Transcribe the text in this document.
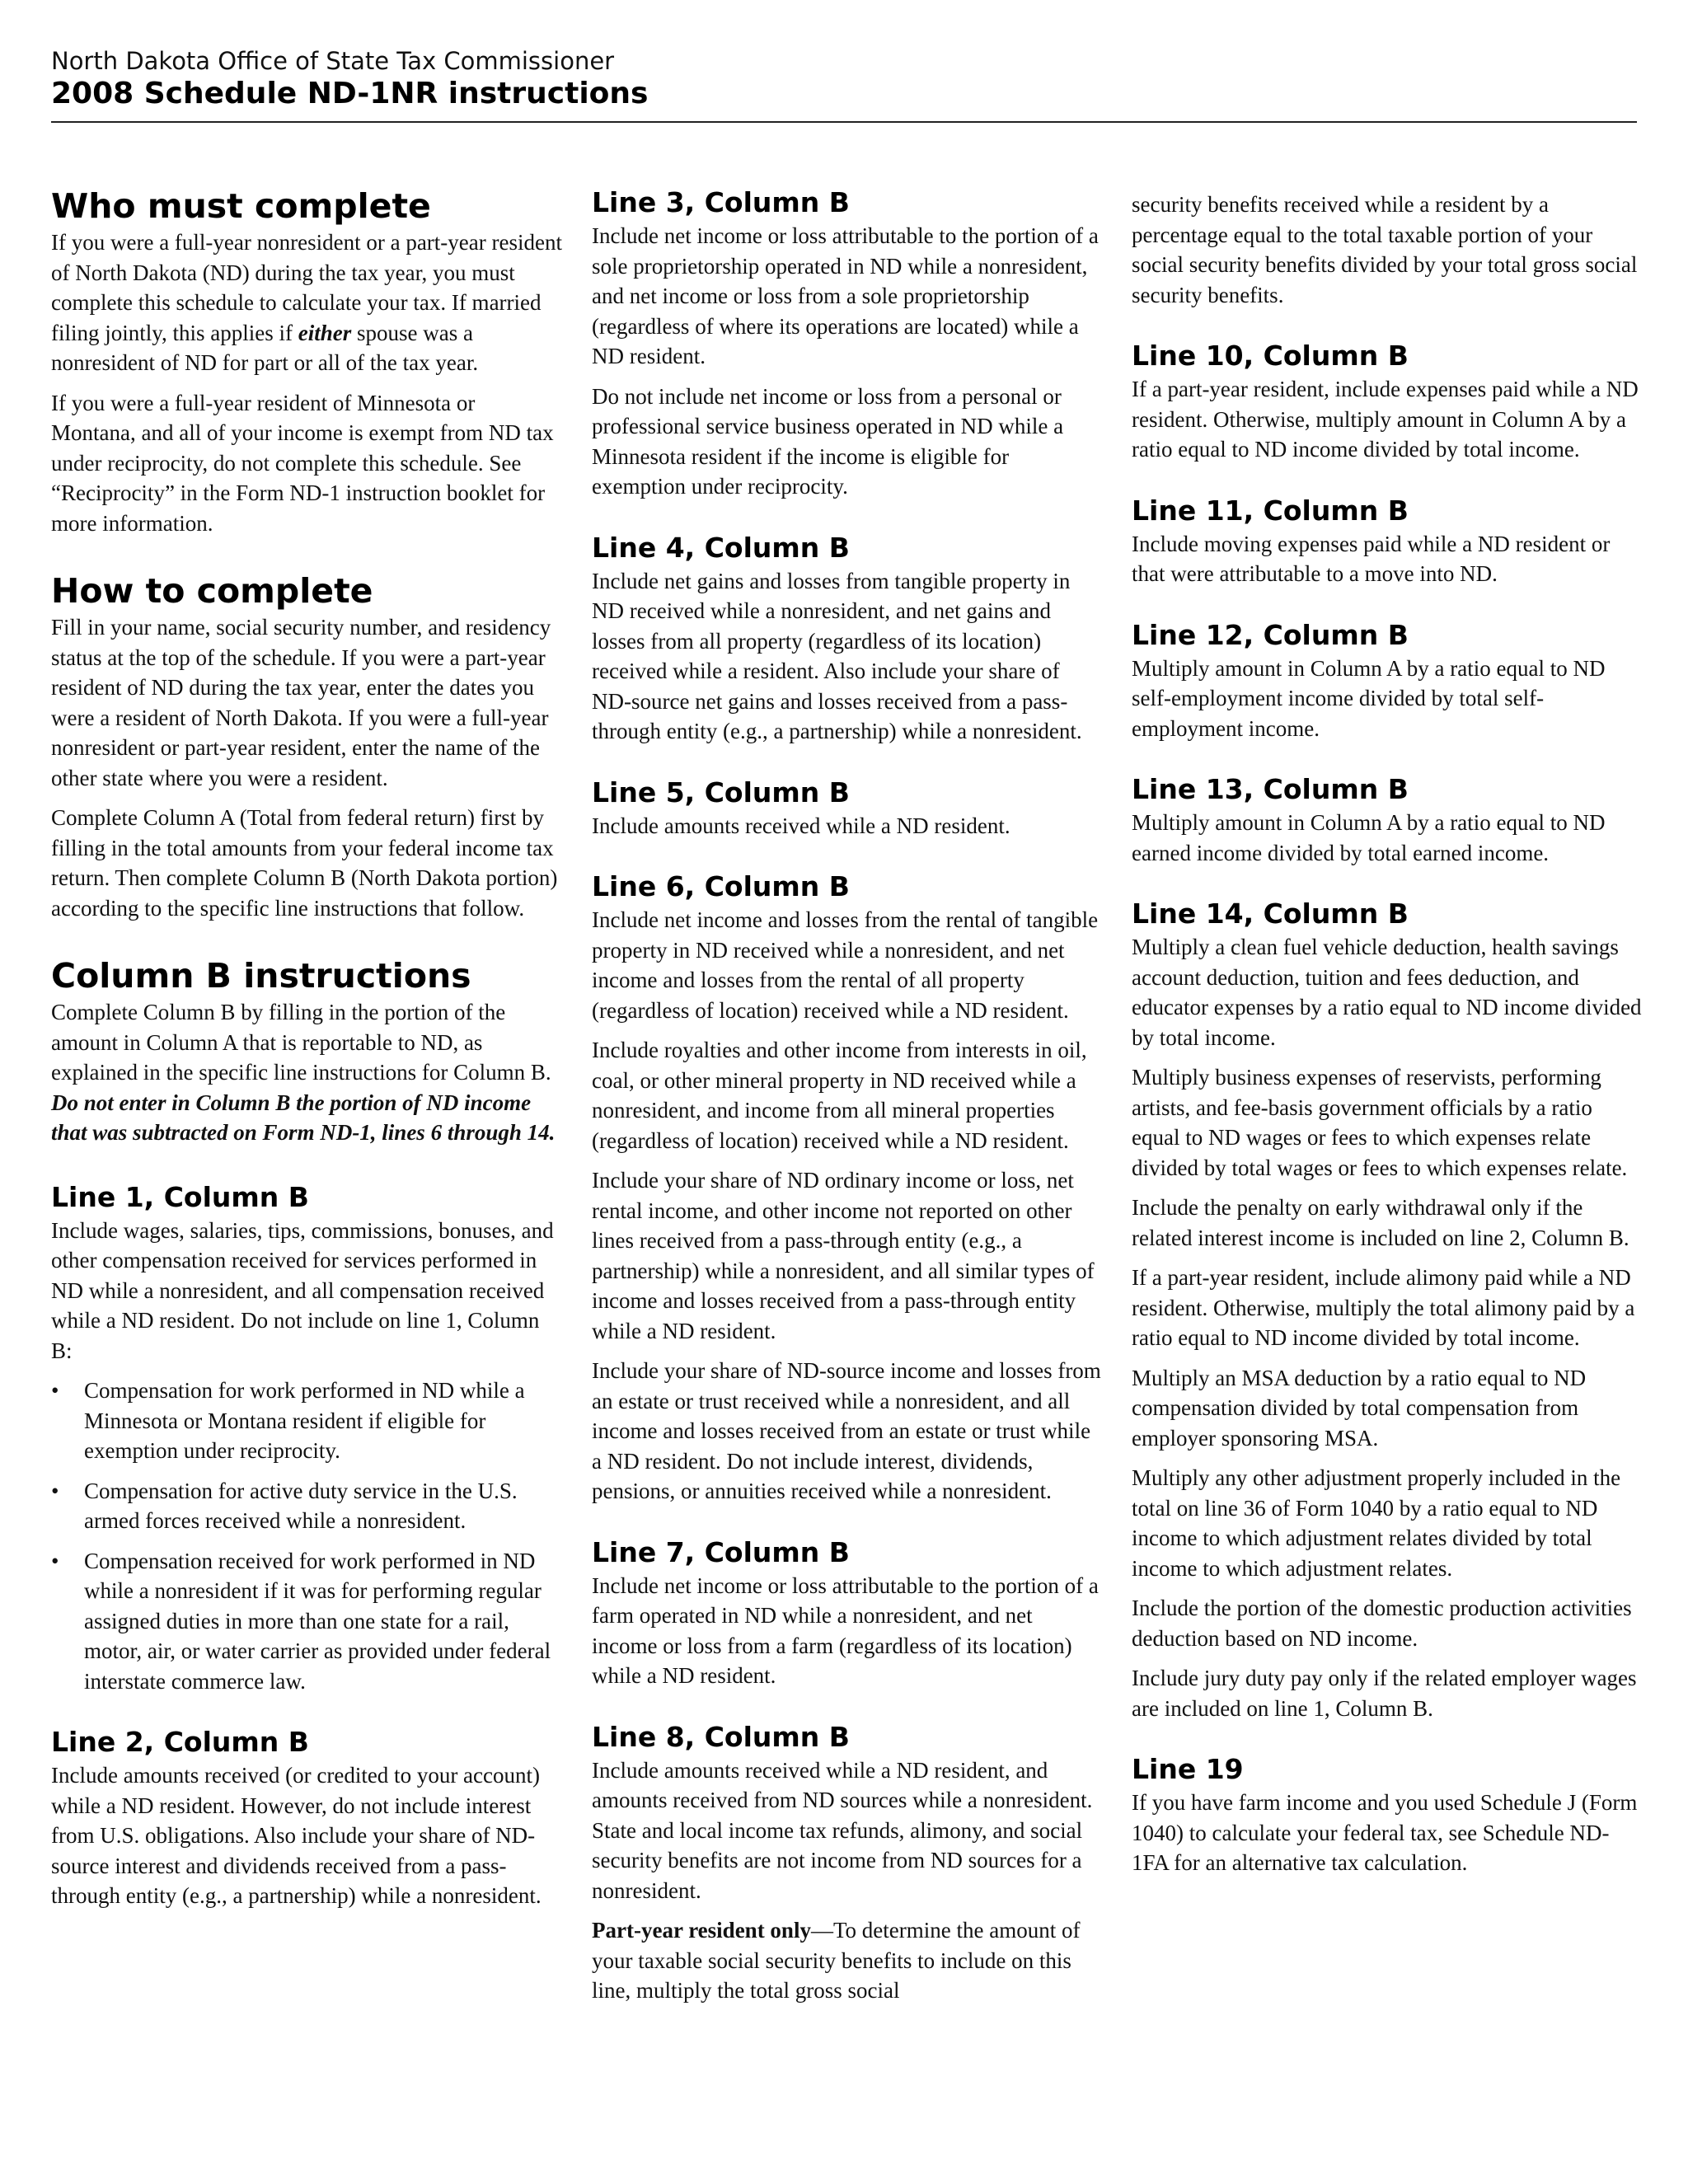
North Dakota Office of State Tax Commissioner
2008 Schedule ND-1NR instructions
Who must complete

If you were a full-year nonresident or a part-year resident of North Dakota (ND) during the tax year, you must complete this schedule to calculate your tax. If married filing jointly, this applies if either spouse was a nonresident of ND for part or all of the tax year.

If you were a full-year resident of Minnesota or Montana, and all of your income is exempt from ND tax under reciprocity, do not complete this schedule. See “Reciprocity” in the Form ND-1 instruction booklet for more information.

How to complete

Fill in your name, social security number, and residency status at the top of the schedule. If you were a part-year resident of ND during the tax year, enter the dates you were a resident of North Dakota. If you were a full-year nonresident or part-year resident, enter the name of the other state where you were a resident.

Complete Column A (Total from federal return) first by filling in the total amounts from your federal income tax return. Then complete Column B (North Dakota portion) according to the specific line instructions that follow.

Column B instructions

Complete Column B by filling in the portion of the amount in Column A that is reportable to ND, as explained in the specific line instructions for Column B. Do not enter in Column B the portion of ND income that was subtracted on Form ND-1, lines 6 through 14.

Line 1, Column B

Include wages, salaries, tips, commissions, bonuses, and other compensation received for services performed in ND while a nonresident, and all compensation received while a ND resident. Do not include on line 1, Column B:

• Compensation for work performed in ND while a Minnesota or Montana resident if eligible for exemption under reciprocity.
• Compensation for active duty service in the U.S. armed forces received while a nonresident.
• Compensation received for work performed in ND while a nonresident if it was for performing regular assigned duties in more than one state for a rail, motor, air, or water carrier as provided under federal interstate commerce law.
Line 2, Column B

Include amounts received (or credited to your account) while a ND resident. However, do not include interest from U.S. obligations. Also include your share of ND-source interest and dividends received from a pass-through entity (e.g., a partnership) while a nonresident.

Line 3, Column B

Include net income or loss attributable to the portion of a sole proprietorship operated in ND while a nonresident, and net income or loss from a sole proprietorship (regardless of where its operations are located) while a ND resident.

Do not include net income or loss from a personal or professional service business operated in ND while a Minnesota resident if the income is eligible for exemption under reciprocity.

Line 4, Column B

Include net gains and losses from tangible property in ND received while a nonresident, and net gains and losses from all property (regardless of its location) received while a resident. Also include your share of ND-source net gains and losses received from a pass-through entity (e.g., a partnership) while a nonresident.

Line 5, Column B

Include amounts received while a ND resident.

Line 6, Column B

Include net income and losses from the rental of tangible property in ND received while a nonresident, and net income and losses from the rental of all property (regardless of location) received while a ND resident.

Include royalties and other income from interests in oil, coal, or other mineral property in ND received while a nonresident, and income from all mineral properties (regardless of location) received while a ND resident.

Include your share of ND ordinary income or loss, net rental income, and other income not reported on other lines received from a pass-through entity (e.g., a partnership) while a nonresident, and all similar types of income and losses received from a pass-through entity while a ND resident.

Include your share of ND-source income and losses from an estate or trust received while a nonresident, and all income and losses received from an estate or trust while a ND resident. Do not include interest, dividends, pensions, or annuities received while a nonresident.

Line 7, Column B

Include net income or loss attributable to the portion of a farm operated in ND while a nonresident, and net income or loss from a farm (regardless of its location) while a ND resident.

Line 8, Column B

Include amounts received while a ND resident, and amounts received from ND sources while a nonresident. State and local income tax refunds, alimony, and social security benefits are not income from ND sources for a nonresident.

Part-year resident only—To determine the amount of your taxable social security benefits to include on this line, multiply the total gross social

security benefits received while a resident by a percentage equal to the total taxable portion of your social security benefits divided by your total gross social security benefits.

Line 10, Column B

If a part-year resident, include expenses paid while a ND resident. Otherwise, multiply amount in Column A by a ratio equal to ND income divided by total income.

Line 11, Column B

Include moving expenses paid while a ND resident or that were attributable to a move into ND.

Line 12, Column B

Multiply amount in Column A by a ratio equal to ND self-employment income divided by total self-employment income.

Line 13, Column B

Multiply amount in Column A by a ratio equal to ND earned income divided by total earned income.

Line 14, Column B

Multiply a clean fuel vehicle deduction, health savings account deduction, tuition and fees deduction, and educator expenses by a ratio equal to ND income divided by total income.

Multiply business expenses of reservists, performing artists, and fee-basis government officials by a ratio equal to ND wages or fees to which expenses relate divided by total wages or fees to which expenses relate.

Include the penalty on early withdrawal only if the related interest income is included on line 2, Column B.

If a part-year resident, include alimony paid while a ND resident. Otherwise, multiply the total alimony paid by a ratio equal to ND income divided by total income.

Multiply an MSA deduction by a ratio equal to ND compensation divided by total compensation from employer sponsoring MSA.

Multiply any other adjustment properly included in the total on line 36 of Form 1040 by a ratio equal to ND income to which adjustment relates divided by total income to which adjustment relates.

Include the portion of the domestic production activities deduction based on ND income.

Include jury duty pay only if the related employer wages are included on line 1, Column B.

Line 19

If you have farm income and you used Schedule J (Form 1040) to calculate your federal tax, see Schedule ND-1FA for an alternative tax calculation.
